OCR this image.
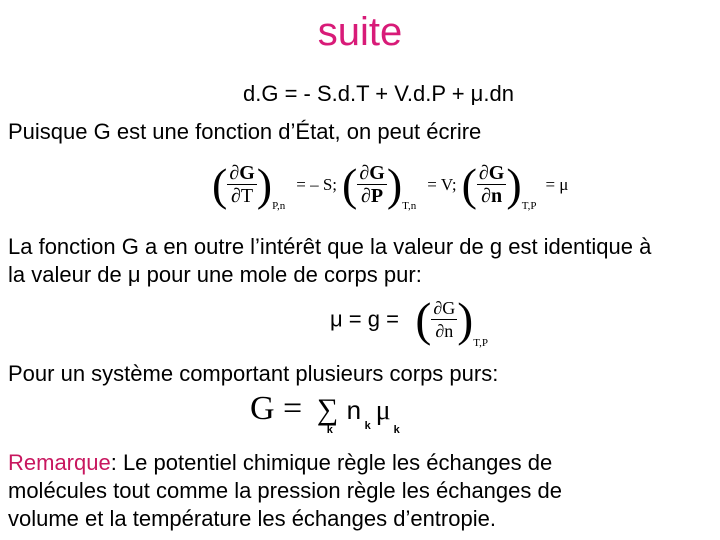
suite
d.G = - S.d.T + V.d.P + μ.dn
Puisque G est une fonction d’État, on peut écrire
( $\frac{\partial G}{\partial T} )_{P,n}$ = – S; ( $\frac{\partial G}{\partial P} )_{T,n} = V$; ( $\frac{\partial G}{\partial n} )_{T,P} = \mu$
La fonction G a en outre l’intérêt que la valeur de g est identique à
la valeur de μ pour une mole de corps pur:
μ = g = ( $\frac{\partial G}{\partial n} )_{T,P}$
Pour un système comportant plusieurs corps purs:
G = ∑
k
n
k μ
k
Remarque: Le potentiel chimique règle les échanges de
molécules tout comme la pression règle les échanges de
volume et la température les échanges d’entropie.
